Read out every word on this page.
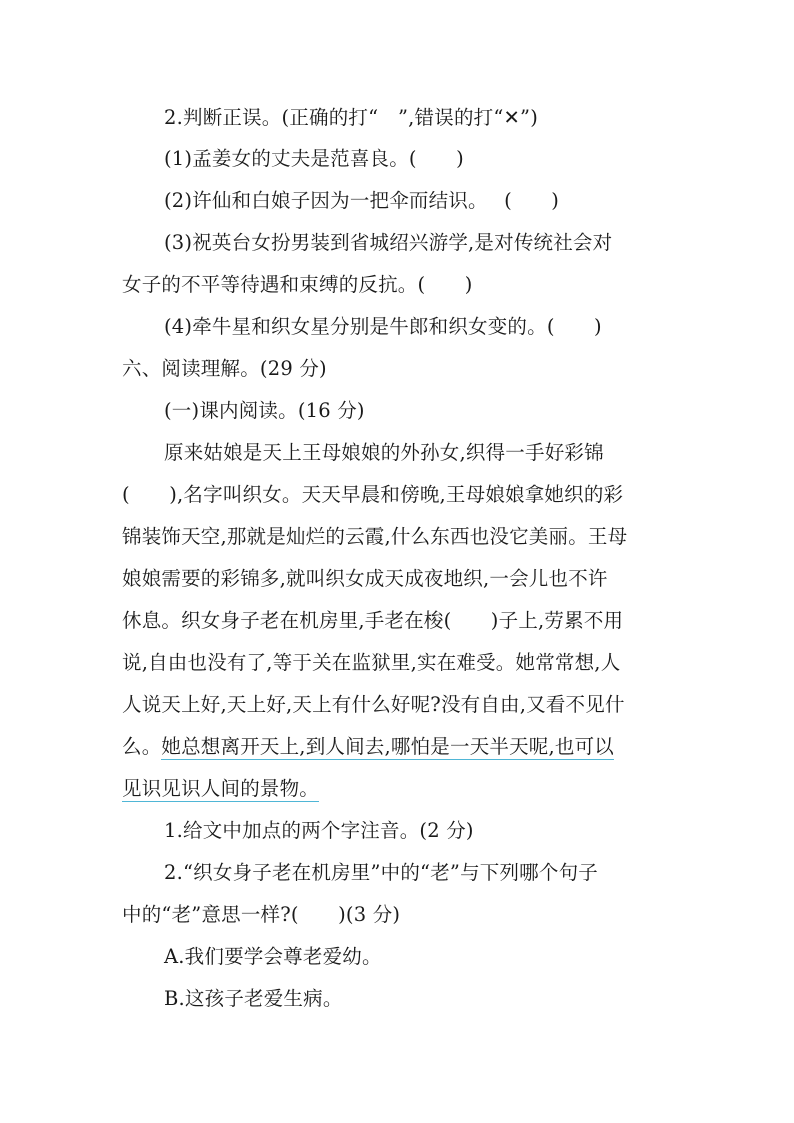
2.判断正误。(正确的打“　”,错误的打“✕”)
(1)孟姜女的丈夫是范喜良。(　　)
(2)许仙和白娘子因为一把伞而结识。　 (　　)
(3)祝英台女扮男装到省城绍兴游学,是对传统社会对
女子的不平等待遇和束缚的反抗。(　　)
(4)牵牛星和织女星分别是牛郎和织女变的。(　　)
六、阅读理解。(29 分)
(一)课内阅读。(16 分)
原来姑娘是天上王母娘娘的外孙女,织得一手好彩锦
(　　),名字叫织女。天天早晨和傍晚,王母娘娘拿她织的彩
锦装饰天空,那就是灿烂的云霞,什么东西也没它美丽。王母
娘娘需要的彩锦多,就叫织女成天成夜地织,一会儿也不许
休息。织女身子老在机房里,手老在梭(　　)子上,劳累不用
说,自由也没有了,等于关在监狱里,实在难受。她常常想,人
人说天上好,天上好,天上有什么好呢?没有自由,又看不见什
么。她总想离开天上,到人间去,哪怕是一天半天呢,也可以
见识见识人间的景物。
1.给文中加点的两个字注音。(2 分)
2.“织女身子老在机房里”中的“老”与下列哪个句子
中的“老”意思一样?(　　)(3 分)
A.我们要学会尊老爱幼。
B.这孩子老爱生病。
